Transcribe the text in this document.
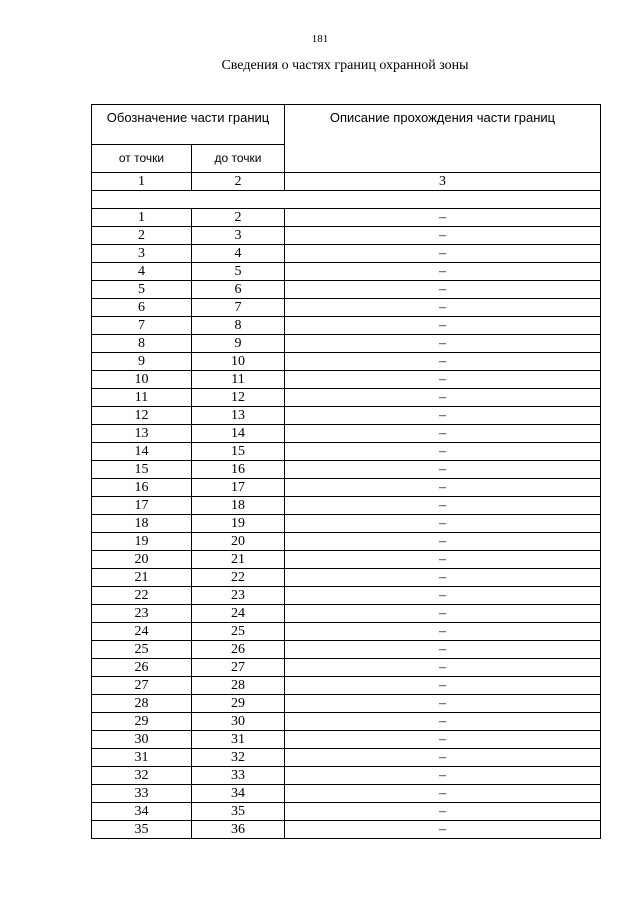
181
Сведения о частях границ охранной зоны
Обозначение части границ		Описание прохождения части границ
от точки	до точки	
1	2	3

1	2	–
2	3	–
3	4	–
4	5	–
5	6	–
6	7	–
7	8	–
8	9	–
9	10	–
10	11	–
11	12	–
12	13	–
13	14	–
14	15	–
15	16	–
16	17	–
17	18	–
18	19	–
19	20	–
20	21	–
21	22	–
22	23	–
23	24	–
24	25	–
25	26	–
26	27	–
27	28	–
28	29	–
29	30	–
30	31	–
31	32	–
32	33	–
33	34	–
34	35	–
35	36	–
